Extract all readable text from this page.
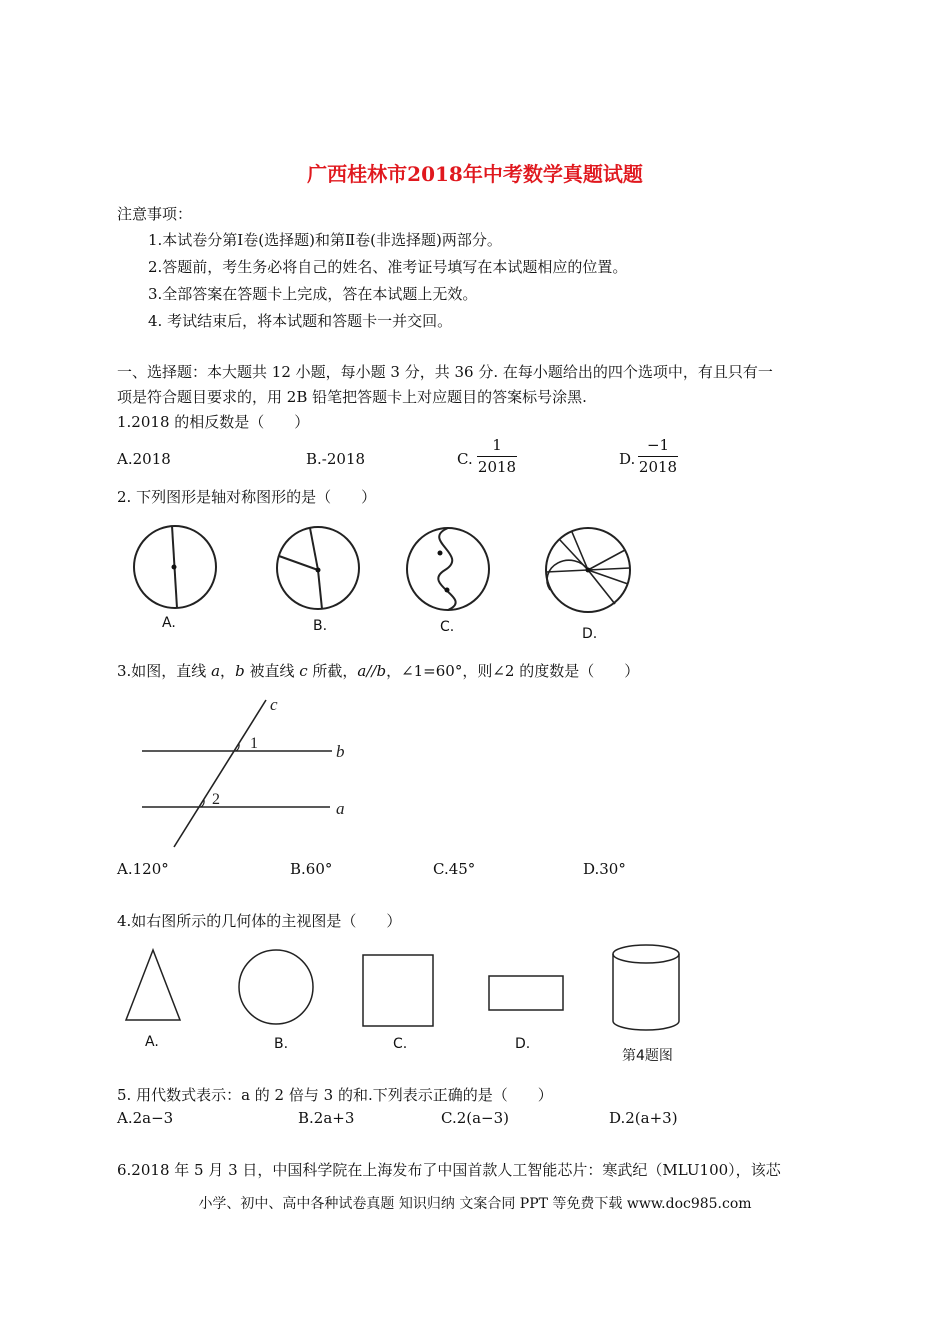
广西桂林市2018年中考数学真题试题
注意事项：
1.本试卷分第Ⅰ卷(选择题)和第Ⅱ卷(非选择题)两部分。
2.答题前，考生务必将自己的姓名、准考证号填写在本试题相应的位置。
3.全部答案在答题卡上完成，答在本试题上无效。
4. 考试结束后，将本试题和答题卡一并交回。
一、选择题：本大题共 12 小题，每小题 3 分，共 36 分. 在每小题给出的四个选项中，有且只有一
项是符合题目要求的，用 2B 铅笔把答题卡上对应题目的答案标号涂黑.
1.2018 的相反数是（　　）
A.2018	B.-2018	C. $\frac{1}{2018}$	D. $\frac{-1}{2018}$
2. 下列图形是轴对称图形的是（　　）
A.	B.	C.	D.
3.如图，直线 a，b 被直线 c 所截，a//b，∠1=60°，则∠2 的度数是（　　）
c
1	b
2	a
A.120°	B.60°	C.45°	D.30°
4.如右图所示的几何体的主视图是（　　）
A.	B.	C.	D.
第4题图
5. 用代数式表示：a 的 2 倍与 3 的和.下列表示正确的是（　　）
A.2a−3	B.2a+3	C.2(a−3)	D.2(a+3)
6.2018 年 5 月 3 日，中国科学院在上海发布了中国首款人工智能芯片：寒武纪（MLU100），该芯
小学、初中、高中各种试卷真题 知识归纳 文案合同 PPT 等免费下载 www.doc985.com
